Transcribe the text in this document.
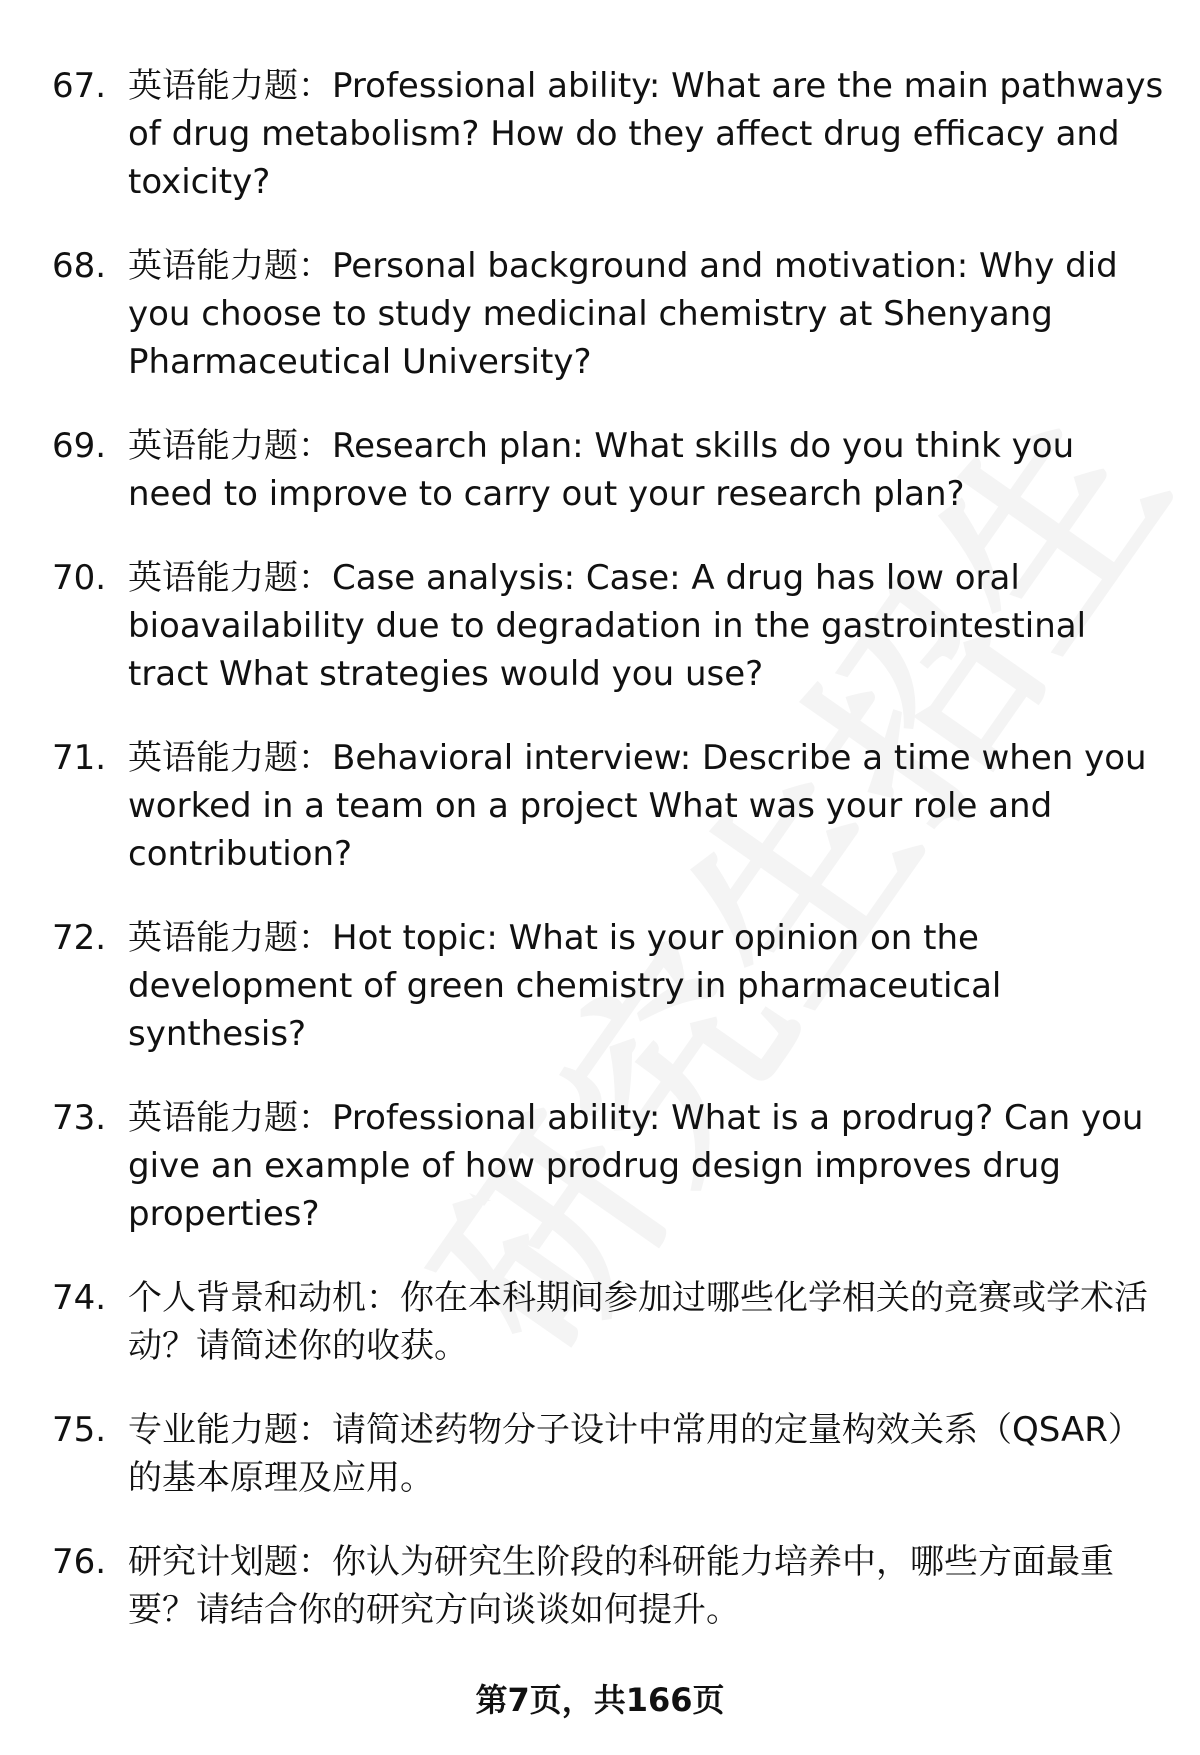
67. 英语能力题：Professional ability: What are the main pathways of drug metabolism? How do they affect drug efficacy and toxicity?
68. 英语能力题：Personal background and motivation: Why did you choose to study medicinal chemistry at Shenyang Pharmaceutical University?
69. 英语能力题：Research plan: What skills do you think you need to improve to carry out your research plan?
70. 英语能力题：Case analysis: Case: A drug has low oral bioavailability due to degradation in the gastrointestinal tract What strategies would you use?
71. 英语能力题：Behavioral interview: Describe a time when you worked in a team on a project What was your role and contribution?
72. 英语能力题：Hot topic: What is your opinion on the development of green chemistry in pharmaceutical synthesis?
73. 英语能力题：Professional ability: What is a prodrug? Can you give an example of how prodrug design improves drug properties?
74. 个人背景和动机：你在本科期间参加过哪些化学相关的竞赛或学术活动？请简述你的收获。
75. 专业能力题：请简述药物分子设计中常用的定量构效关系（QSAR）的基本原理及应用。
76. 研究计划题：你认为研究生阶段的科研能力培养中，哪些方面最重要？请结合你的研究方向谈谈如何提升。
第7页，共166页
